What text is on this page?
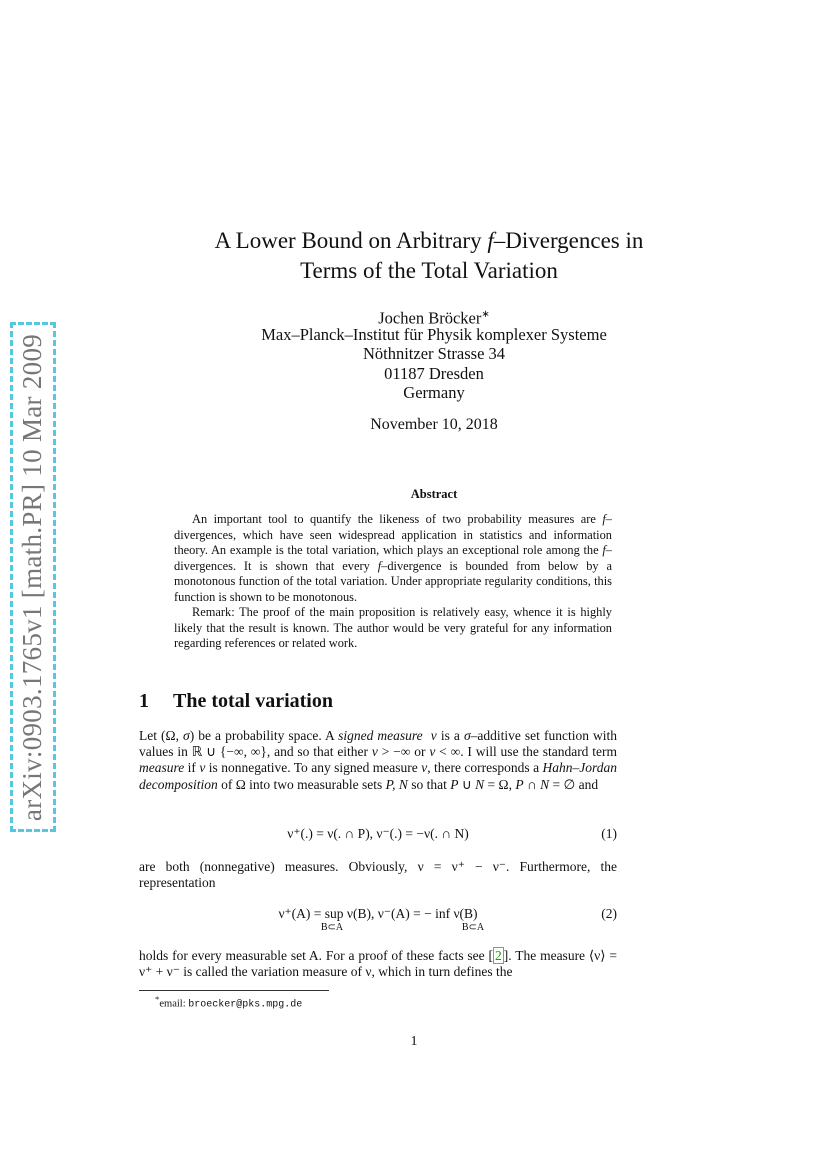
arXiv:0903.1765v1 [math.PR] 10 Mar 2009
A Lower Bound on Arbitrary f–Divergences in
Terms of the Total Variation
Jochen Bröcker∗
Max–Planck–Institut für Physik komplexer Systeme
Nöthnitzer Strasse 34
01187 Dresden
Germany
November 10, 2018
Abstract

An important tool to quantify the likeness of two probability measures are f–divergences, which have seen widespread application in statistics and information theory. An example is the total variation, which plays an exceptional role among the f–divergences. It is shown that every f–divergence is bounded from below by a monotonous function of the total variation. Under appropriate regularity conditions, this function is shown to be monotonous.

Remark: The proof of the main proposition is relatively easy, whence it is highly likely that the result is known. The author would be very grateful for any information regarding references or related work.

1 The total variation
Let (Ω, σ) be a probability space. A signed measure ν is a σ–additive set function with values in ℝ ∪ {−∞, ∞}, and so that either ν > −∞ or ν < ∞. I will use the standard term measure if ν is nonnegative. To any signed measure ν, there corresponds a Hahn–Jordan decomposition of Ω into two measurable sets P, N so that P ∪ N = Ω, P ∩ N = ∅ and
ν⁺(.) = ν(. ∩ P), ν⁻(.) = −ν(. ∩ N)	(1)
are both (nonnegative) measures. Obviously, ν = ν⁺ − ν⁻. Furthermore, the representation
ν⁺(A) = sup ν(B), ν⁻(A) = − inf ν(B)
B⊂A	B⊂A
(2)
holds for every measurable set A. For a proof of these facts see [ 2 ]. The measure ⟨ν⟩ = ν⁺ + ν⁻ is called the variation measure of ν, which in turn defines the
*email: broecker@pks.mpg.de
1
